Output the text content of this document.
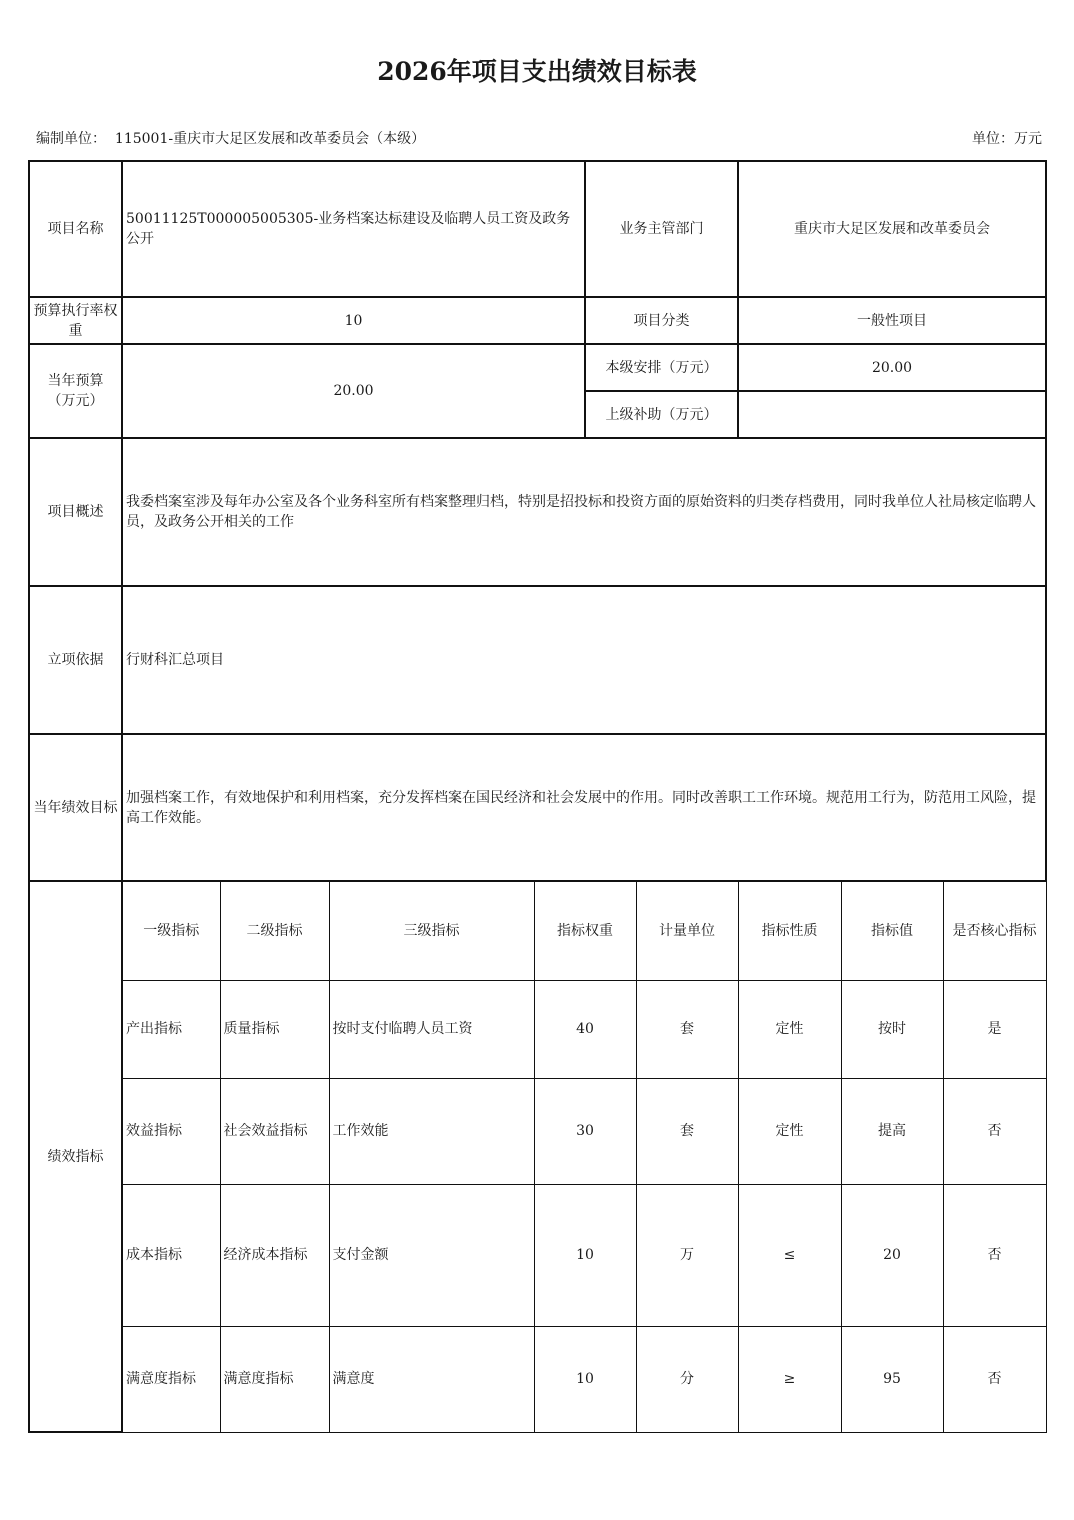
2026年项目支出绩效目标表
编制单位： 115001-重庆市大足区发展和改革委员会（本级）	单位：万元
项目名称	50011125T000005005305-业务档案达标建设及临聘人员工资及政务公开				业务主管部门		重庆市大足区发展和改革委员会		
预算执行率权重	10				项目分类		一般性项目		
当年预算（万元）	20.00				本级安排（万元）		20.00		
					上级补助（万元）				
项目概述	我委档案室涉及每年办公室及各个业务科室所有档案整理归档，特别是招投标和投资方面的原始资料的归类存档费用，同时我单位人社局核定临聘人员，及政务公开相关的工作								
立项依据	行财科汇总项目								
当年绩效目标	加强档案工作，有效地保护和利用档案，充分发挥档案在国民经济和社会发展中的作用。同时改善职工工作环境。规范用工行为，防范用工风险，提高工作效能。								
绩效指标	一级指标	二级指标	三级指标	指标权重		计量单位	指标性质	指标值	是否核心指标
	产出指标	质量指标	按时支付临聘人员工资	40		套	定性	按时	是
	效益指标	社会效益指标	工作效能	30		套	定性	提高	否
	成本指标	经济成本指标	支付金额	10		万	≤	20	否
	满意度指标	满意度指标	满意度	10		分	≥	95	否
